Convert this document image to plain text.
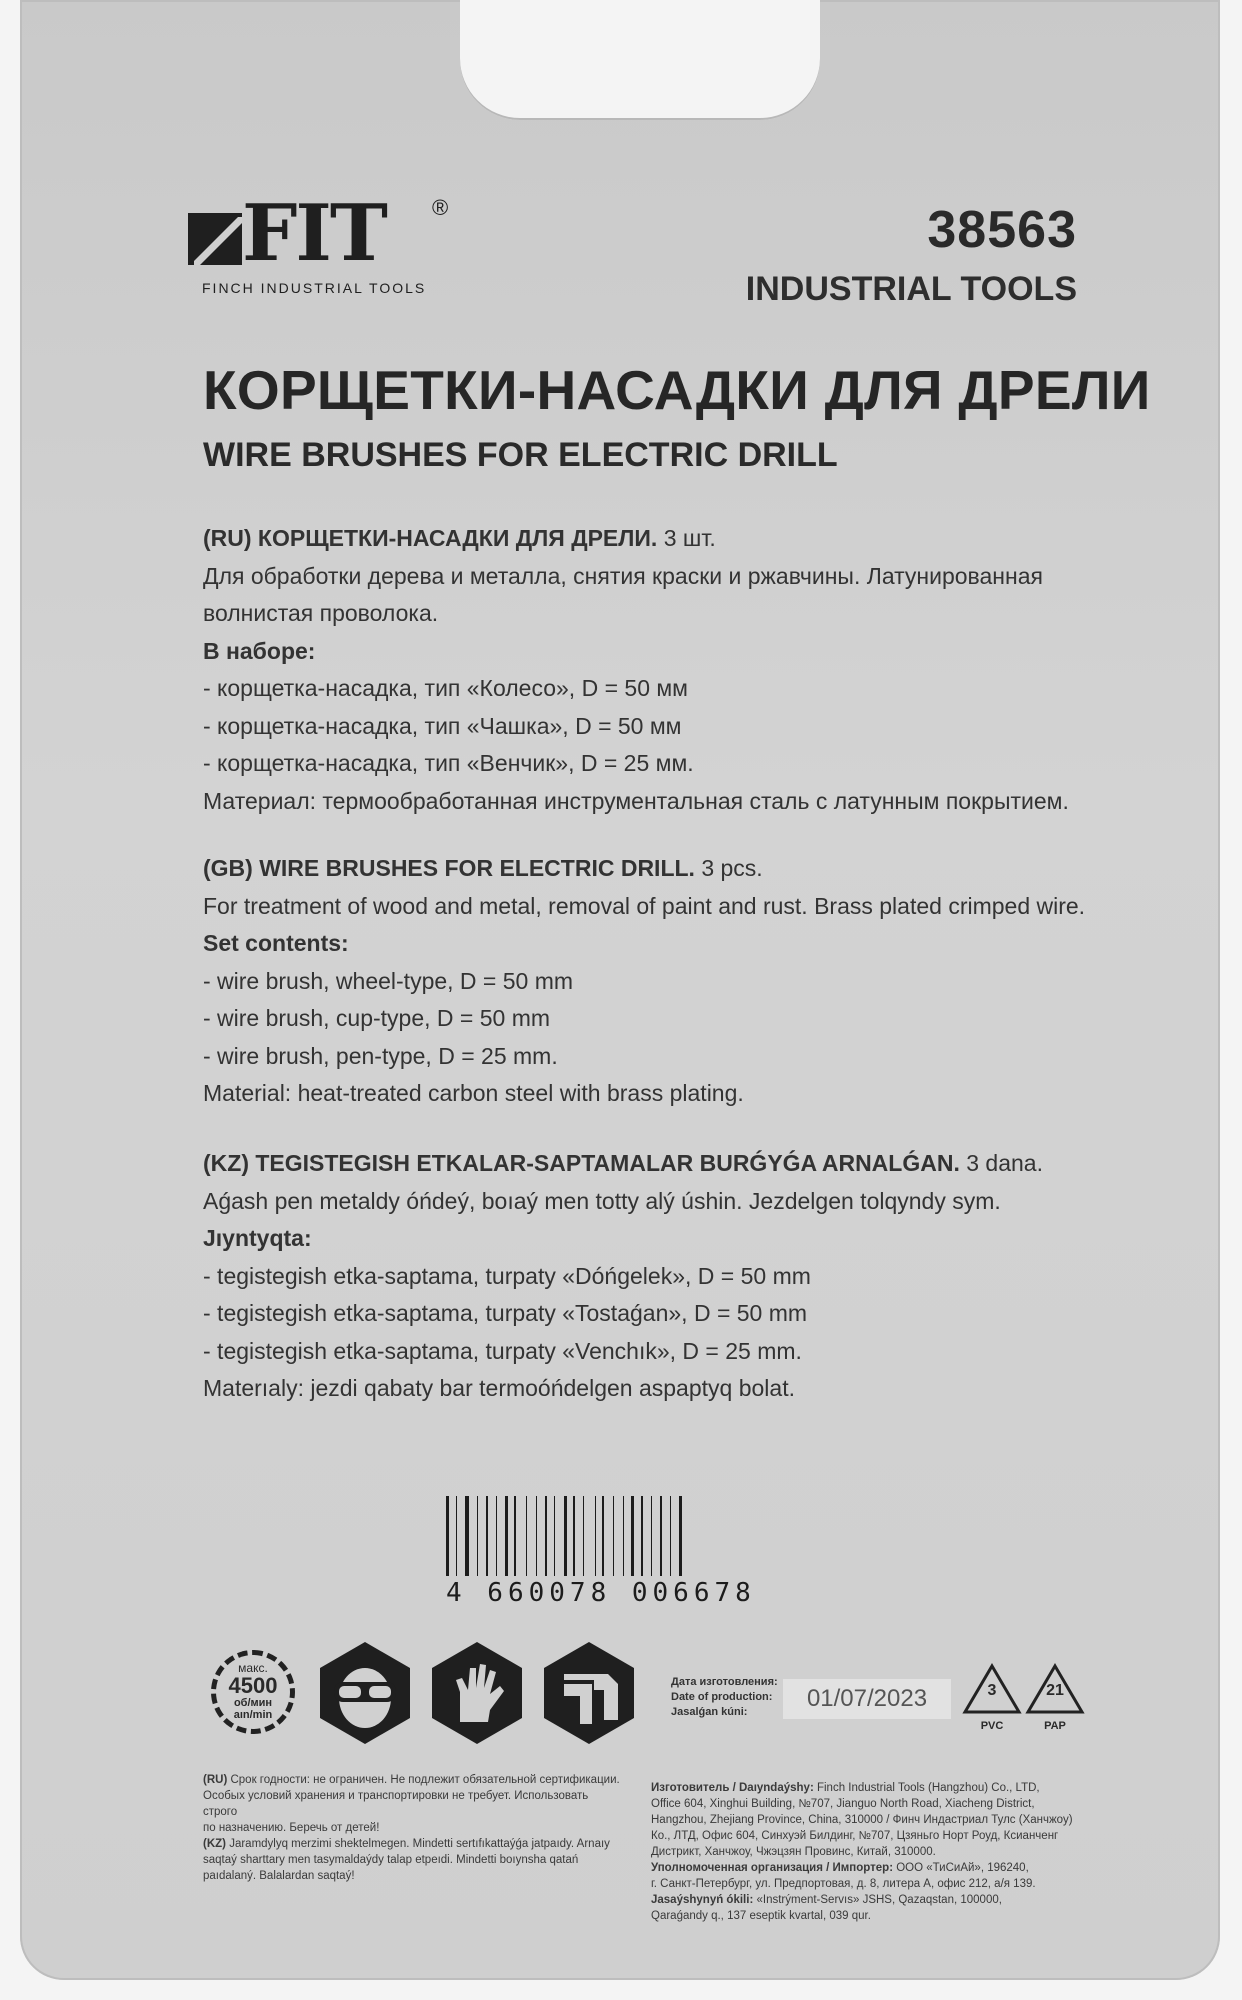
FIT ®
FINCH INDUSTRIAL TOOLS
38563
INDUSTRIAL TOOLS
КОРЩЕТКИ-НАСАДКИ ДЛЯ ДРЕЛИ
WIRE BRUSHES FOR ELECTRIC DRILL
(RU) КОРЩЕТКИ-НАСАДКИ ДЛЯ ДРЕЛИ. 3 шт.
Для обработки дерева и металла, снятия краски и ржавчины. Латунированная
волнистая проволока.
В наборе:
- корщетка-насадка, тип «Колесо», D = 50 мм
- корщетка-насадка, тип «Чашка», D = 50 мм
- корщетка-насадка, тип «Венчик», D = 25 мм.
Материал: термообработанная инструментальная сталь с латунным покрытием.
(GB) WIRE BRUSHES FOR ELECTRIC DRILL. 3 pcs.
For treatment of wood and metal, removal of paint and rust. Brass plated crimped wire.
Set contents:
- wire brush, wheel-type, D = 50 mm
- wire brush, cup-type, D = 50 mm
- wire brush, pen-type, D = 25 mm.
Material: heat-treated carbon steel with brass plating.
(KZ) TEGISTEGISH ETKALAR-SAPTAMALAR BURǴYǴA ARNALǴAN. 3 dana.
Aǵash pen metaldy óńdeý, boıaý men totty alý úshin. Jezdelgen tolqyndy sym.
Jıyntyqta:
- tegistegish etka-saptama, turpaty «Dóńgelek», D = 50 mm
- tegistegish etka-saptama, turpaty «Tostaǵan», D = 50 mm
- tegistegish etka-saptama, turpaty «Venchık», D = 25 mm.
Materıaly: jezdi qabaty bar termoóńdelgen aspaptyq bolat.
4 660078 006678
макс.
4500
об/мин
aın/min
Дата изготовления:
Date of production:
Jasalǵan kúni:	01/07/2023	3
PVC
21
PAP
(RU) Срок годности: не ограничен. Не подлежит обязательной сертификации.
Особых условий хранения и транспортировки не требует. Использовать строго
по назначению. Беречь от детей!
(KZ) Jaramdylyq merzimi shektelmegen. Mindetti sertıfıkattaýǵa jatpaıdy. Arnaıy
saqtaý sharttary men tasymaldaýdy talap etpeıdi. Mindetti boıynsha qatań
paıdalaný. Balalardan saqtaý!
Изготовитель / Daıyndaýshy: Finch Industrial Tools (Hangzhou) Co., LTD,
Office 604, Xinghui Building, №707, Jianguo North Road, Xiacheng District,
Hangzhou, Zhejiang Province, China, 310000 / Финч Индастриал Тулс (Ханчжоу)
Ко., ЛТД, Офис 604, Синхуэй Билдинг, №707, Цзяньго Норт Роуд, Ксианченг
Дистрикт, Ханчжоу, Чжэцзян Провинс, Китай, 310000.
Уполномоченная организация / Импортер: ООО «ТиСиАй», 196240,
г. Санкт-Петербург, ул. Предпортовая, д. 8, литера А, офис 212, а/я 139.
Jasaýshynyń ókili: «Instrýment-Servıs» JSHS, Qazaqstan, 100000,
Qaraǵandy q., 137 esеptik kvartal, 039 qur.
